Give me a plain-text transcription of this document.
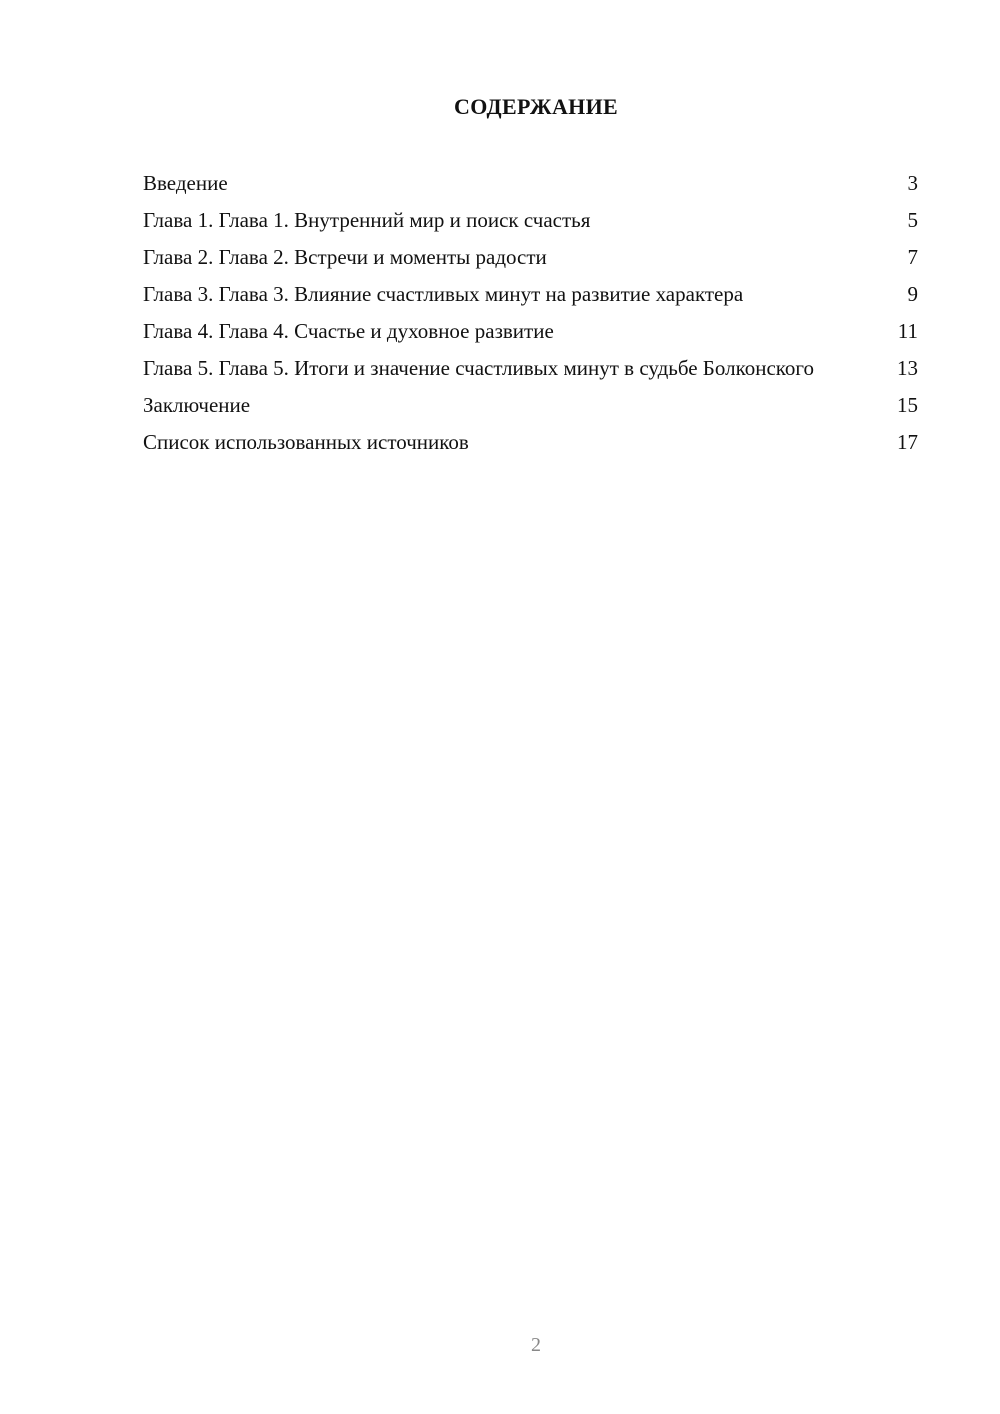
СОДЕРЖАНИЕ
Введение	3
Глава 1. Глава 1. Внутренний мир и поиск счастья	5
Глава 2. Глава 2. Встречи и моменты радости	7
Глава 3. Глава 3. Влияние счастливых минут на развитие характера	9
Глава 4. Глава 4. Счастье и духовное развитие	11
Глава 5. Глава 5. Итоги и значение счастливых минут в судьбе Болконского	13
Заключение	15
Список использованных источников	17
2
